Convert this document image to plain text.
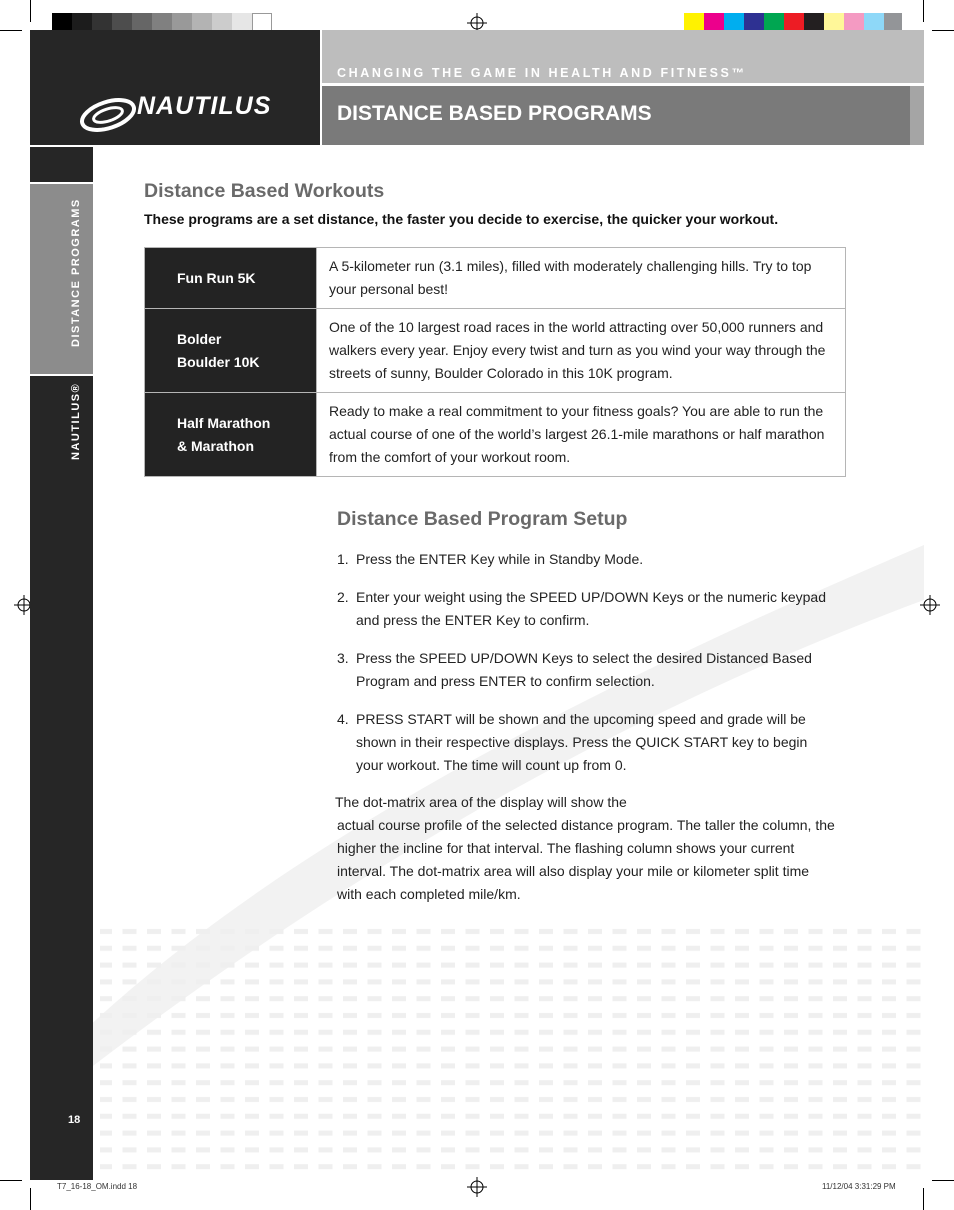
NAUTILUS
CHANGING THE GAME IN HEALTH AND FITNESS™
DISTANCE BASED PROGRAMS
DISTANCE PROGRAMS
NAUTILUS®
18
Distance Based Workouts
These programs are a set distance, the faster you decide to exercise, the quicker your workout.
Fun Run 5K	A 5-kilometer run (3.1 miles), filled with moderately challenging hills. Try to top your personal best!

Bolder
Boulder 10K	One of the 10 largest road races in the world attracting over 50,000 runners and walkers every year. Enjoy every twist and turn as you wind your way through the streets of sunny, Boulder Colorado in this 10K program.

Half Marathon
& Marathon	Ready to make a real commitment to your fitness goals? You are able to run the actual course of one of the world’s largest 26.1-mile marathons or half marathon from the comfort of your workout room.
Distance Based Program Setup
1. Press the ENTER Key while in Standby Mode.
2. Enter your weight using the SPEED UP/DOWN Keys or the numeric keypad and press the ENTER Key to confirm.
3. Press the SPEED UP/DOWN Keys to select the desired Distanced Based Program and press ENTER to confirm selection.
4. PRESS START will be shown and the upcoming speed and grade will be shown in their respective displays. Press the QUICK START key to begin your workout. The time will count up from 0.
The dot-matrix area of the display will show the
actual course profile of the selected distance program. The taller the column, the higher the incline for that interval. The flashing column shows your current interval. The dot-matrix area will also display your mile or kilometer split time with each completed mile/km.
T7_16-18_OM.indd 18	11/12/04 3:31:29 PM
